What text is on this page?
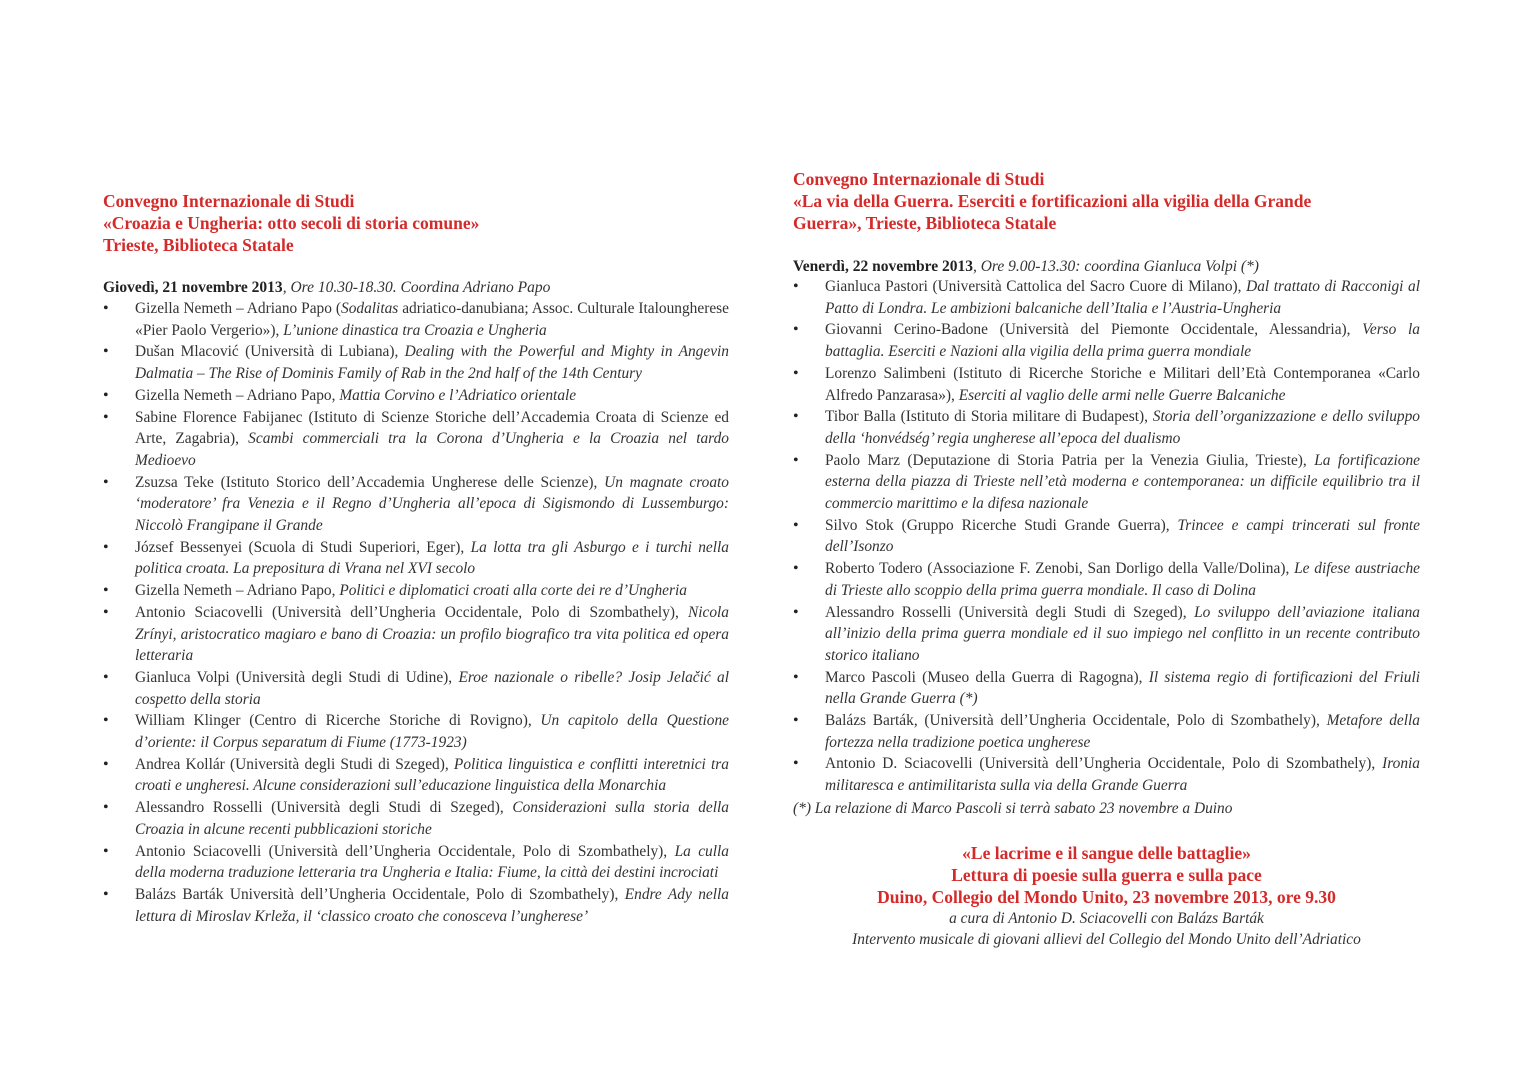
Convegno Internazionale di Studi
«Croazia e Ungheria: otto secoli di storia comune»
Trieste, Biblioteca Statale
Giovedì, 21 novembre 2013, Ore 10.30-18.30. Coordina Adriano Papo
• Gizella Nemeth – Adriano Papo (Sodalitas adriatico-danubiana; Assoc. Culturale Italoungherese «Pier Paolo Vergerio»), L’unione dinastica tra Croazia e Ungheria
• Dušan Mlacović (Università di Lubiana), Dealing with the Powerful and Mighty in Angevin Dalmatia – The Rise of Dominis Family of Rab in the 2nd half of the 14th Century
• Gizella Nemeth – Adriano Papo, Mattia Corvino e l’Adriatico orientale
• Sabine Florence Fabijanec (Istituto di Scienze Storiche dell’Accademia Croata di Scienze ed Arte, Zagabria), Scambi commerciali tra la Corona d’Ungheria e la Croazia nel tardo Medioevo
• Zsuzsa Teke (Istituto Storico dell’Accademia Ungherese delle Scienze), Un magnate croato ‘moderatore’ fra Venezia e il Regno d’Ungheria all’epoca di Sigismondo di Lussemburgo: Niccolò Frangipane il Grande
• József Bessenyei (Scuola di Studi Superiori, Eger), La lotta tra gli Asburgo e i turchi nella politica croata. La prepositura di Vrana nel XVI secolo
• Gizella Nemeth – Adriano Papo, Politici e diplomatici croati alla corte dei re d’Ungheria
• Antonio Sciacovelli (Università dell’Ungheria Occidentale, Polo di Szombathely), Nicola Zrínyi, aristocratico magiaro e bano di Croazia: un profilo biografico tra vita politica ed opera letteraria
• Gianluca Volpi (Università degli Studi di Udine), Eroe nazionale o ribelle? Josip Jelačić al cospetto della storia
• William Klinger (Centro di Ricerche Storiche di Rovigno), Un capitolo della Questione d’oriente: il Corpus separatum di Fiume (1773-1923)
• Andrea Kollár (Università degli Studi di Szeged), Politica linguistica e conflitti interetnici tra croati e ungheresi. Alcune considerazioni sull’educazione linguistica della Monarchia
• Alessandro Rosselli (Università degli Studi di Szeged), Considerazioni sulla storia della Croazia in alcune recenti pubblicazioni storiche
• Antonio Sciacovelli (Università dell’Ungheria Occidentale, Polo di Szombathely), La culla della moderna traduzione letteraria tra Ungheria e Italia: Fiume, la città dei destini incrociati
• Balázs Barták Università dell’Ungheria Occidentale, Polo di Szombathely), Endre Ady nella lettura di Miroslav Krleža, il ‘classico croato che conosceva l’ungherese’
Convegno Internazionale di Studi
«La via della Guerra. Eserciti e fortificazioni alla vigilia della Grande
Guerra», Trieste, Biblioteca Statale
Venerdì, 22 novembre 2013, Ore 9.00-13.30: coordina Gianluca Volpi (*)
• Gianluca Pastori (Università Cattolica del Sacro Cuore di Milano), Dal trattato di Racconigi al Patto di Londra. Le ambizioni balcaniche dell’Italia e l’Austria-Ungheria
• Giovanni Cerino-Badone (Università del Piemonte Occidentale, Alessandria), Verso la battaglia. Eserciti e Nazioni alla vigilia della prima guerra mondiale
• Lorenzo Salimbeni (Istituto di Ricerche Storiche e Militari dell’Età Contemporanea «Carlo Alfredo Panzarasa»), Eserciti al vaglio delle armi nelle Guerre Balcaniche
• Tibor Balla (Istituto di Storia militare di Budapest), Storia dell’organizzazione e dello sviluppo della ‘honvédség’ regia ungherese all’epoca del dualismo
• Paolo Marz (Deputazione di Storia Patria per la Venezia Giulia, Trieste), La fortificazione esterna della piazza di Trieste nell’età moderna e contemporanea: un difficile equilibrio tra il commercio marittimo e la difesa nazionale
• Silvo Stok (Gruppo Ricerche Studi Grande Guerra), Trincee e campi trincerati sul fronte dell’Isonzo
• Roberto Todero (Associazione F. Zenobi, San Dorligo della Valle/Dolina), Le difese austriache di Trieste allo scoppio della prima guerra mondiale. Il caso di Dolina
• Alessandro Rosselli (Università degli Studi di Szeged), Lo sviluppo dell’aviazione italiana all’inizio della prima guerra mondiale ed il suo impiego nel conflitto in un recente contributo storico italiano
• Marco Pascoli (Museo della Guerra di Ragogna), Il sistema regio di fortificazioni del Friuli nella Grande Guerra (*)
• Balázs Barták, (Università dell’Ungheria Occidentale, Polo di Szombathely), Metafore della fortezza nella tradizione poetica ungherese
• Antonio D. Sciacovelli (Università dell’Ungheria Occidentale, Polo di Szombathely), Ironia militaresca e antimilitarista sulla via della Grande Guerra
(*) La relazione di Marco Pascoli si terrà sabato 23 novembre a Duino
«Le lacrime e il sangue delle battaglie»
Lettura di poesie sulla guerra e sulla pace
Duino, Collegio del Mondo Unito, 23 novembre 2013, ore 9.30
a cura di Antonio D. Sciacovelli con Balázs Barták
Intervento musicale di giovani allievi del Collegio del Mondo Unito dell’Adriatico
